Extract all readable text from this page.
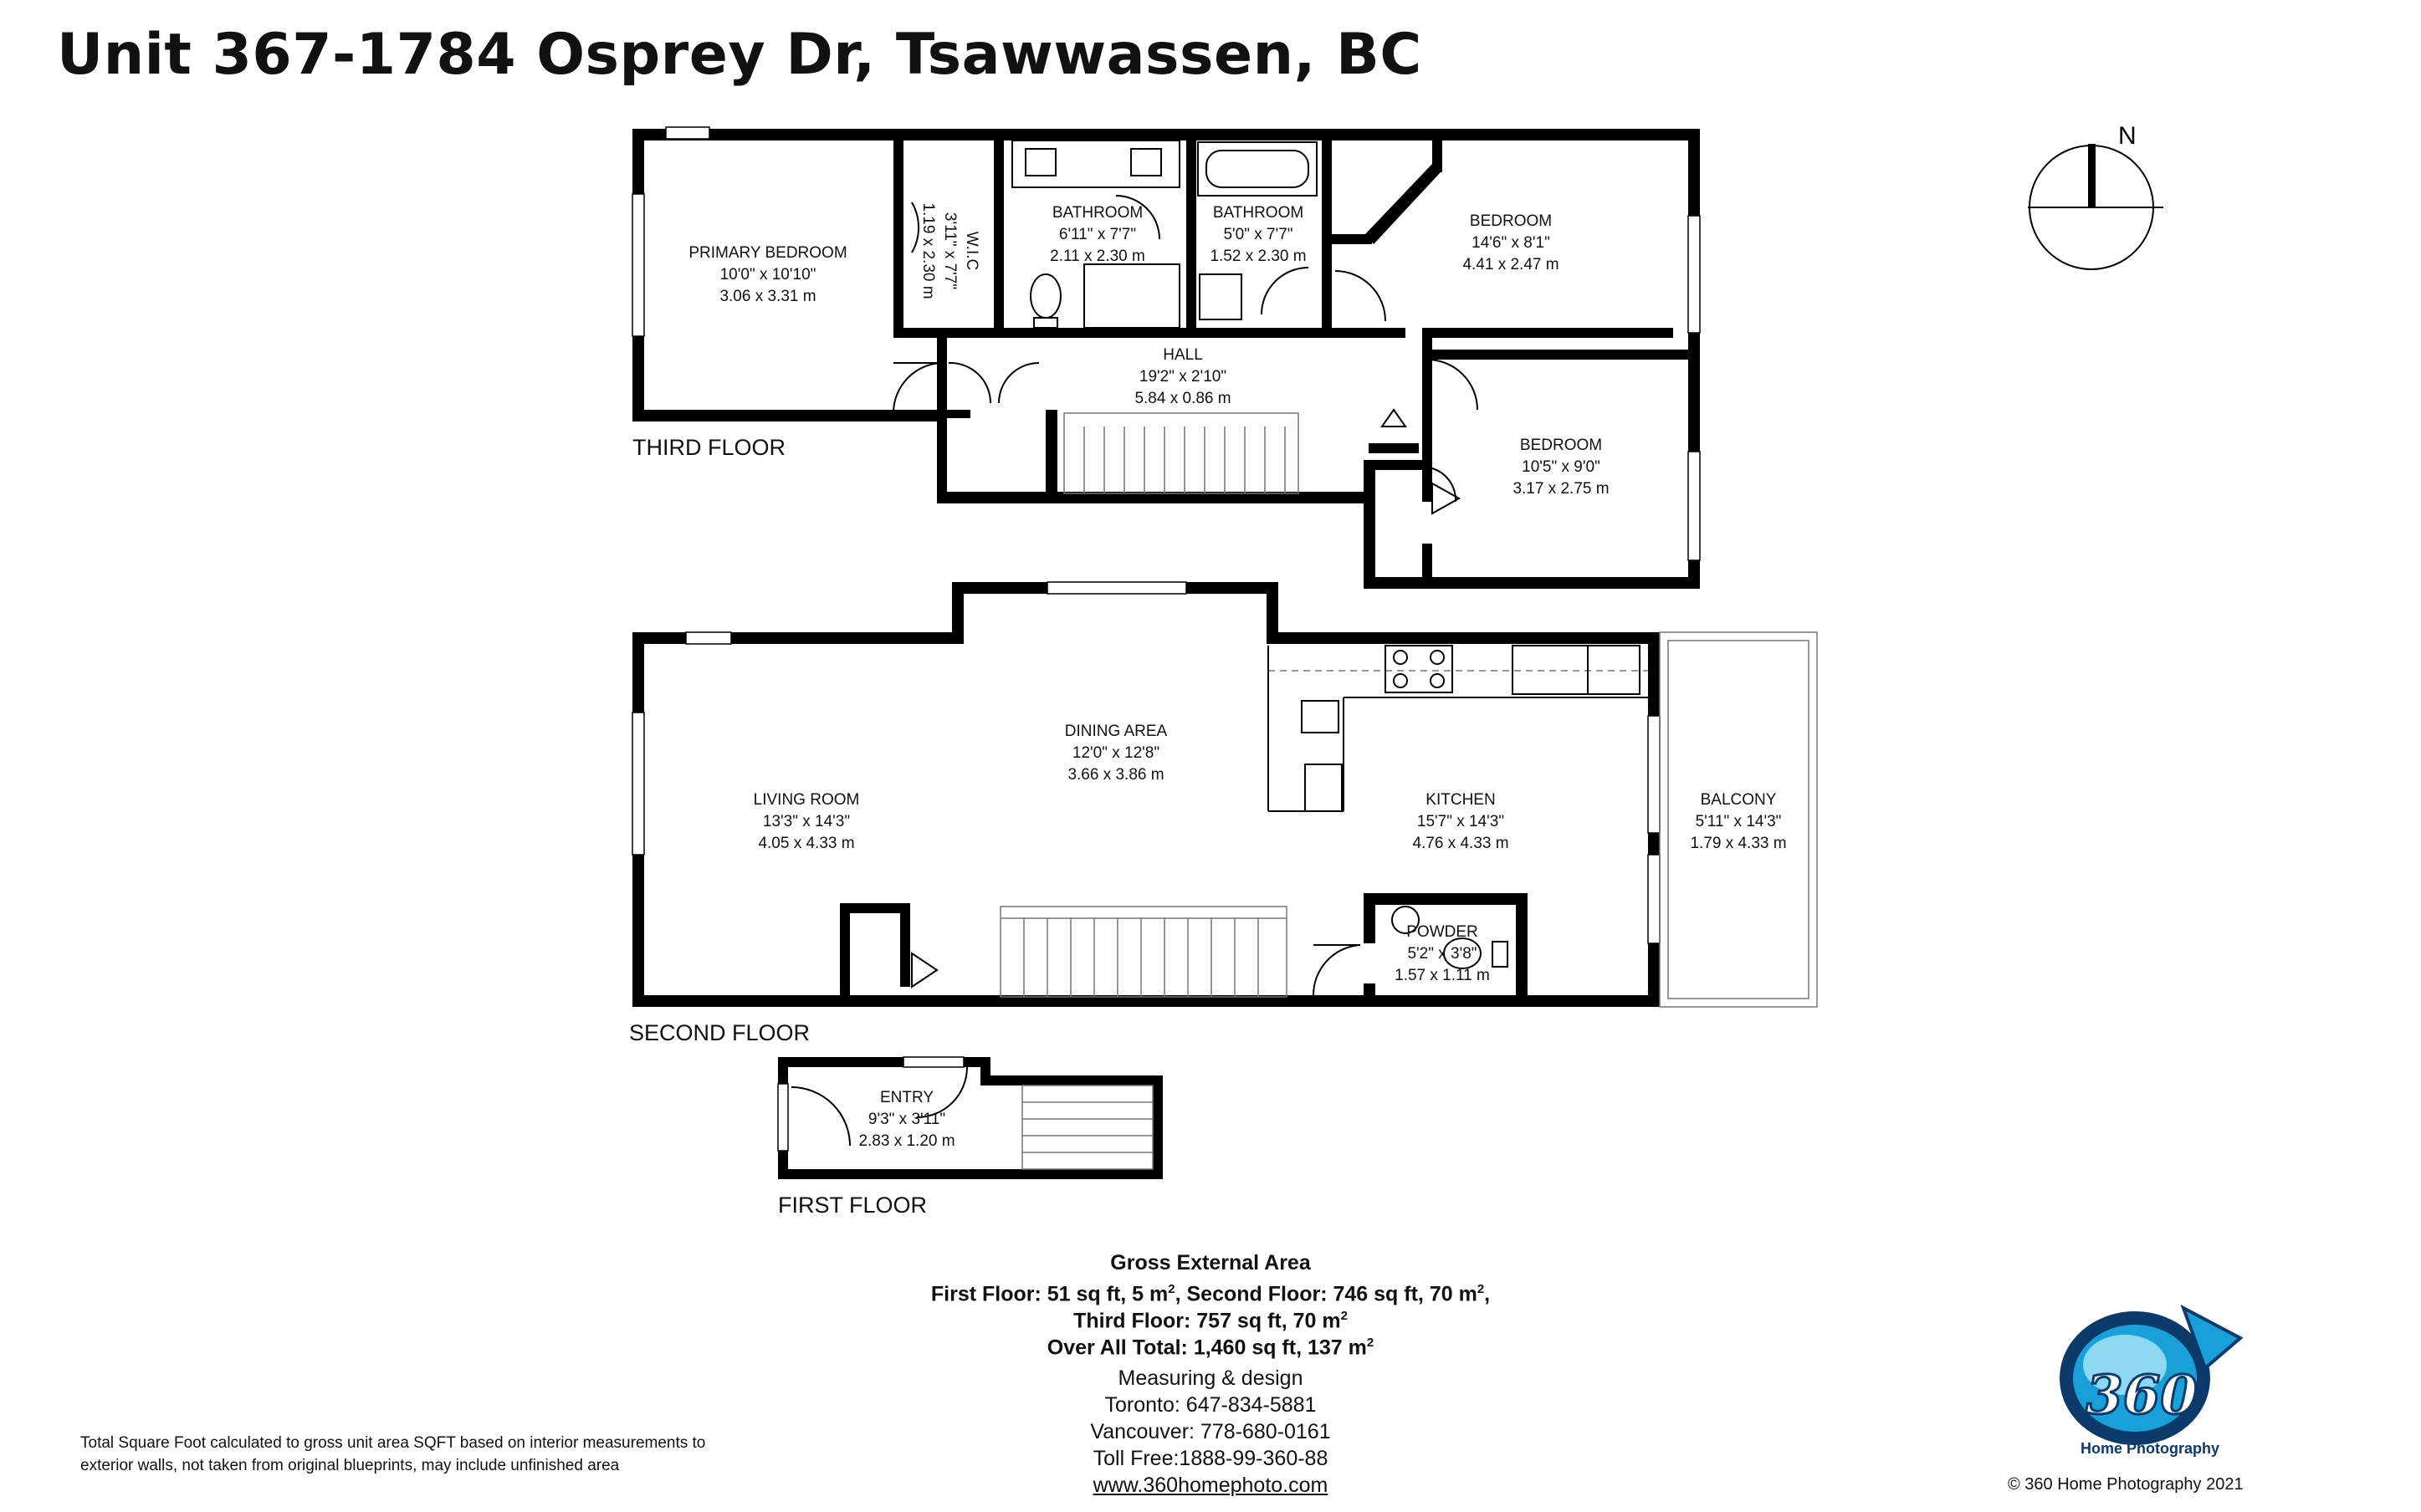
Unit 367-1784 Osprey Dr, Tsawwassen, BC
N
PRIMARY BEDROOM
10'0" x 10'10"
3.06 x 3.31 m
W.I.C
3'11" x 7'7"
1.19 x 2.30 m	BATHROOM
6'11" x 7'7"
2.11 x 2.30 m
BATHROOM
5'0" x 7'7"
1.52 x 2.30 m
BEDROOM
14'6" x 8'1"
4.41 x 2.47 m
HALL
19'2" x 2'10"
5.84 x 0.86 m
BEDROOM
10'5" x 9'0"
3.17 x 2.75 m
DINING AREA
12'0" x 12'8"
3.66 x 3.86 m
LIVING ROOM
13'3" x 14'3"
4.05 x 4.33 m
KITCHEN
15'7" x 14'3"
4.76 x 4.33 m
BALCONY
5'11" x 14'3"
1.79 x 4.33 m
POWDER
5'2" x 3'8"
1.57 x 1.11 m
ENTRY
9'3" x 3'11"
2.83 x 1.20 m
THIRD FLOOR
SECOND FLOOR
FIRST FLOOR
Gross External Area
First Floor: 51 sq ft, 5 $m^2$, Second Floor: 746 sq ft, 70 $m^2$,
Third Floor: 757 sq ft, 70 $m^2$
Over All Total: 1,460 sq ft, 137 $m^2$
Measuring & design
Toronto: 647-834-5881
Vancouver: 778-680-0161
Toll Free:1888-99-360-88
www.360homephoto.com
Total Square Foot calculated to gross unit area SQFT based on interior measurements to exterior walls, not taken from original blueprints, may include unfinished area
360
Home Photography
© 360 Home Photography 2021
